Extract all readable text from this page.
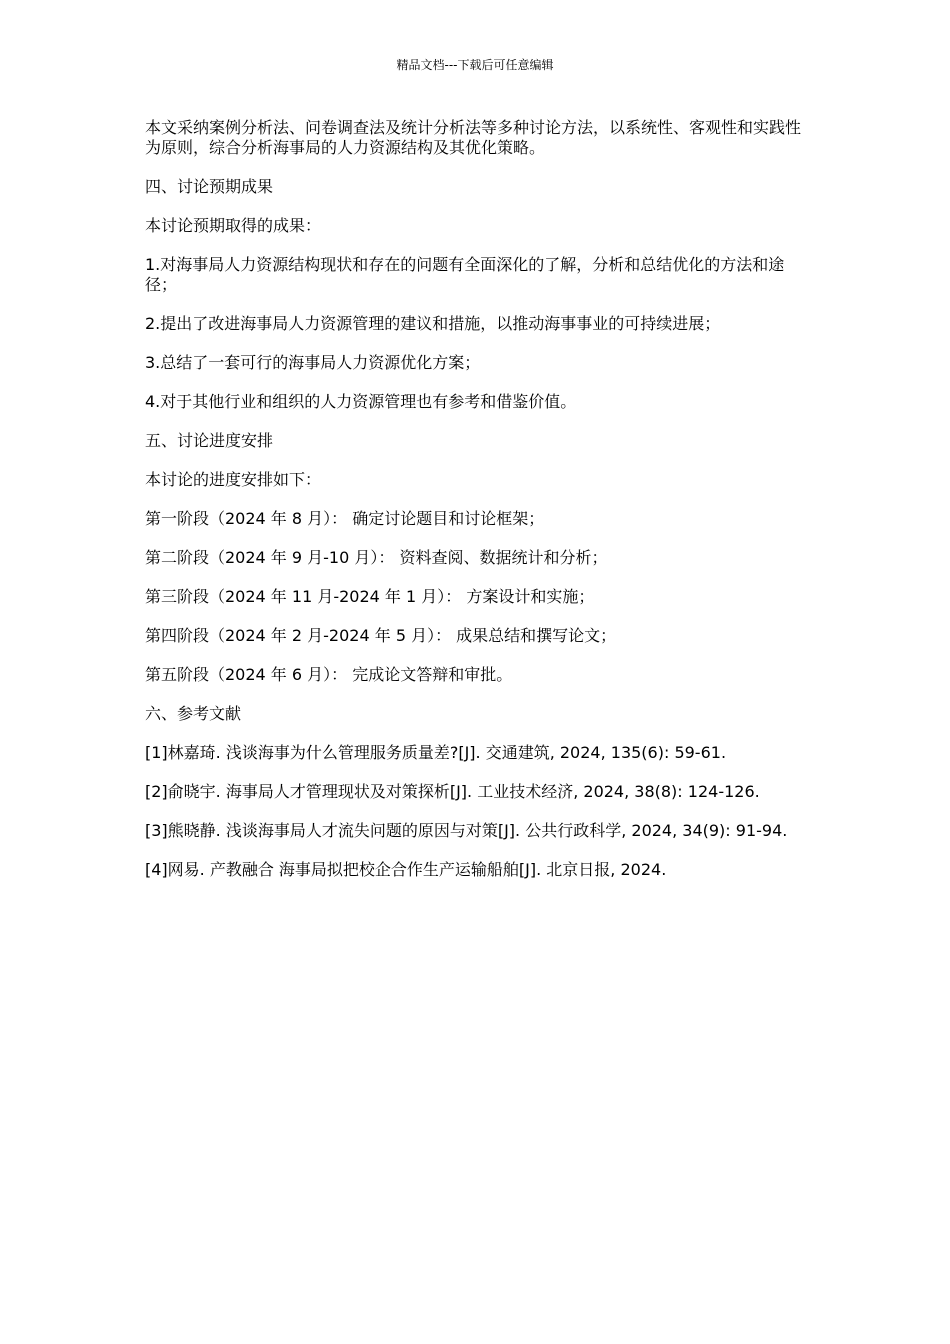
精品文档---下载后可任意编辑

本文采纳案例分析法、问卷调查法及统计分析法等多种讨论方法，以系统性、客观性和实践性为原则，综合分析海事局的人力资源结构及其优化策略。

四、讨论预期成果

本讨论预期取得的成果：

1.对海事局人力资源结构现状和存在的问题有全面深化的了解，分析和总结优化的方法和途径；

2.提出了改进海事局人力资源管理的建议和措施，以推动海事事业的可持续进展；

3.总结了一套可行的海事局人力资源优化方案；

4.对于其他行业和组织的人力资源管理也有参考和借鉴价值。

五、讨论进度安排

本讨论的进度安排如下：

第一阶段（2024 年 8 月）： 确定讨论题目和讨论框架；

第二阶段（2024 年 9 月-10 月）： 资料查阅、数据统计和分析；

第三阶段（2024 年 11 月-2024 年 1 月）： 方案设计和实施；

第四阶段（2024 年 2 月-2024 年 5 月）： 成果总结和撰写论文；

第五阶段（2024 年 6 月）： 完成论文答辩和审批。

六、参考文献

[1]林嘉琦. 浅谈海事为什么管理服务质量差?[J]. 交通建筑, 2024, 135(6): 59-61.

[2]俞晓宇. 海事局人才管理现状及对策探析[J]. 工业技术经济, 2024, 38(8): 124-126.

[3]熊晓静. 浅谈海事局人才流失问题的原因与对策[J]. 公共行政科学, 2024, 34(9): 91-94.

[4]网易. 产教融合 海事局拟把校企合作生产运输船舶[J]. 北京日报, 2024.
